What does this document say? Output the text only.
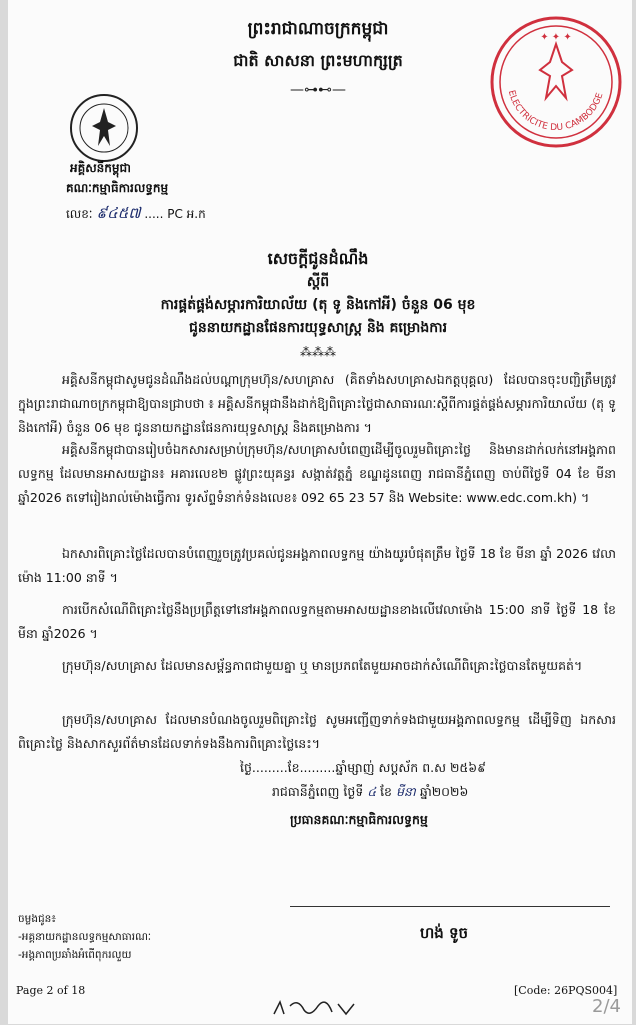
ព្រះរាជាណាចក្រកម្ពុជា
ជាតិ សាសនា ព្រះមហាក្សត្រ
—⊶⊷—
អគ្គិសនីកម្ពុជា
គណៈកម្មាធិការលទ្ធកម្ម
លេខៈ ៩៤៥៧ ..... PC អ.ក
ELECTRICITE DU CAMBODGE
✦ ✦ ✦
សេចក្ដីជូនដំណឹង
ស្ដីពី
ការផ្គត់ផ្គង់សម្ភារការិយាល័យ (តុ ទូ និងកៅអី) ចំនួន 06 មុខ
ជូននាយកដ្ឋានផែនការយុទ្ធសាស្ត្រ និង គម្រោងការ
⁂⁂⁂
អគ្គិសនីកម្ពុជាសូមជូនដំណឹងដល់បណ្ដាក្រុមហ៊ុន/សហគ្រាស (គិតទាំងសហគ្រាសឯកត្តបុគ្គល) ដែលបានចុះបញ្ជិត្រឹមត្រូវក្នុងព្រះរាជាណាចក្រកម្ពុជាឱ្យបានជ្រាបថា ៖ អគ្គិសនីកម្ពុជានឹងដាក់ឱ្យពិគ្រោះថ្លៃជាសាធារណៈស្ដីពីការផ្គត់ផ្គង់សម្ភារការិយាល័យ (តុ ទូ និងកៅអី) ចំនួន 06 មុខ ជូននាយកដ្ឋានផែនការយុទ្ធសាស្ត្រ និងគម្រោងការ ។
អគ្គិសនីកម្ពុជាបានរៀបចំឯកសារសម្រាប់ក្រុមហ៊ុន/សហគ្រាសបំពេញដើម្បីចូលរួមពិគ្រោះថ្លៃ និងមានដាក់លក់នៅអង្គភាពលទ្ធកម្ម ដែលមានអាសយដ្ឋាន៖ អគារលេខ២ ផ្លូវព្រះយុគន្ធរ សង្កាត់វត្តភ្នំ ខណ្ឌដូនពេញ រាជធានីភ្នំពេញ ចាប់ពីថ្ងៃទី 04 ខែ មីនា ឆ្នាំ2026 តទៅរៀងរាល់ម៉ោងធ្វើការ ទូរស័ព្ទទំនាក់ទំនងលេខ៖ 092 65 23 57 និង Website: www.edc.com.kh) ។
ឯកសារពិគ្រោះថ្លៃដែលបានបំពេញរួចត្រូវប្រគល់ជូនអង្គភាពលទ្ធកម្ម យ៉ាងយូរបំផុតត្រឹម ថ្ងៃទី 18 ខែ មីនា ឆ្នាំ 2026 វេលាម៉ោង 11:00 នាទី ។
ការបើកសំណើពិគ្រោះថ្លៃនឹងប្រព្រឹត្តទៅនៅអង្គភាពលទ្ធកម្មតាមអាសយដ្ឋានខាងលើវេលាម៉ោង 15:00 នាទី ថ្ងៃទី 18 ខែ មីនា ឆ្នាំ2026 ។
ក្រុមហ៊ុន/សហគ្រាស ដែលមានសម្ព័ន្ធភាពជាមួយគ្នា ឬ មានប្រភពតែមួយអាចដាក់សំណើពិគ្រោះថ្លៃបានតែមួយគត់។
ក្រុមហ៊ុន/សហគ្រាស ដែលមានបំណងចូលរួមពិគ្រោះថ្លៃ សូមអញ្ជើញទាក់ទងជាមួយអង្គភាពលទ្ធកម្ម ដើម្បីទិញ ឯកសារពិគ្រោះថ្លៃ និងសាកសួរព័ត៌មានដែលទាក់ទងនឹងការពិគ្រោះថ្លៃនេះ។
ថ្ងៃ.........ខែ.........ឆ្នាំម្សាញ់ សប្តស័ក ព.ស ២៥៦៩
រាជធានីភ្នំពេញ ថ្ងៃទី ៤ ខែ មីនា ឆ្នាំ២០២៦
ប្រធានគណៈកម្មាធិការលទ្ធកម្ម
ហង់ ទូច
ចម្លងជូន៖
-អគ្គនាយកដ្ឋានលទ្ធកម្មសាធារណៈ
-អង្គភាពប្រឆាំងអំពើពុករលួយ
Page 2 of 18	[Code: 26PQS004]
2/4
